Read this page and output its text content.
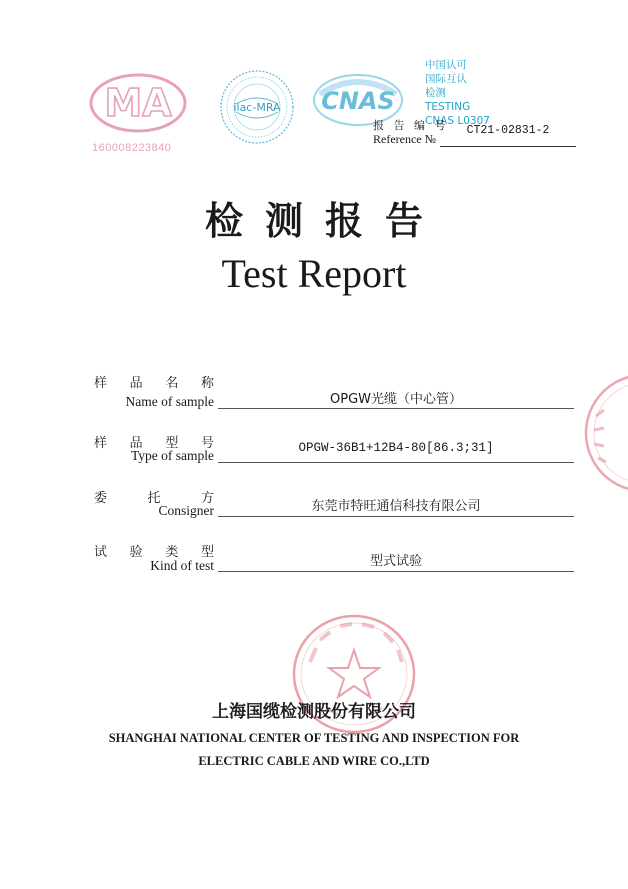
MA
160008223840
ilac-MRA CNAS
中国认可
国际互认
检测
TESTING
CNAS L0307
报 告 编 号
Reference №
CT21-02831-2
检测报告
Test Report
样 品 名 称
Name of sample	OPGW光缆（中心管）
样 品 型 号
Type of sample	OPGW-36B1+12B4-80[86.3;31]
委	托	方
Consigner	东莞市特旺通信科技有限公司
试 验 类 型
Kind of test	型式试验
上海国缆检测股份有限公司
SHANGHAI NATIONAL CENTER OF TESTING AND INSPECTION FOR
ELECTRIC CABLE AND WIRE CO.,LTD
